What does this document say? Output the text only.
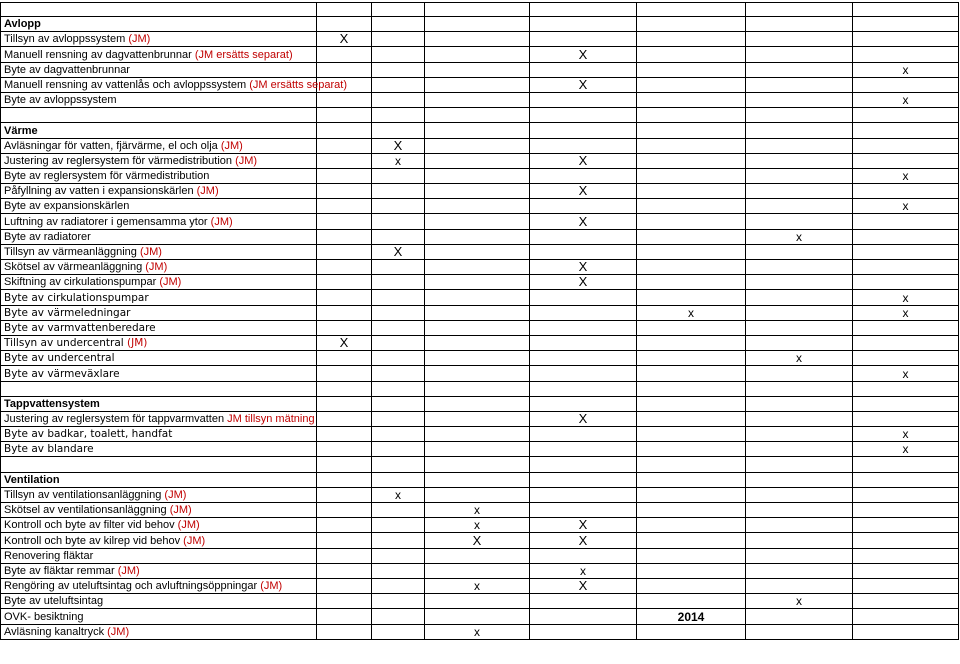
Avlopp							
Tillsyn av avloppssystem (JM)	X						
Manuell rensning av dagvattenbrunnar (JM ersätts separat)				X			
Byte av dagvattenbrunnar							x
Manuell rensning av vattenlås och avloppssystem (JM ersätts separat)				X			
Byte av avloppssystem							x

Värme							
Avläsningar för vatten, fjärvärme, el och olja (JM)		X					
Justering av reglersystem för värmedistribution (JM)		x		X			
Byte av reglersystem för värmedistribution							x
Påfyllning av vatten i expansionskärlen (JM)				X			
Byte av expansionskärlen							x
Luftning av radiatorer i gemensamma ytor (JM)				X			
Byte av radiatorer						x	
Tillsyn av värmeanläggning (JM)		X					
Skötsel av värmeanläggning (JM)				X			
Skiftning av cirkulationspumpar (JM)				X			
Byte av cirkulationspumpar							x
Byte av värmeledningar					x		x
Byte av varmvattenberedare							
Tillsyn av undercentral (JM)	X						
Byte av undercentral						x	
Byte av värmeväxlare							x

Tappvattensystem							
Justering av reglersystem för tappvarmvatten JM tillsyn mätning				X			
Byte av badkar, toalett, handfat							x
Byte av blandare							x

Ventilation							
Tillsyn av ventilationsanläggning (JM)		x					
Skötsel av ventilationsanläggning (JM)			x				
Kontroll och byte av filter vid behov (JM)			x	X			
Kontroll och byte av kilrep vid behov (JM)			X	X			
Renovering fläktar							
Byte av fläktar remmar (JM)				x			
Rengöring av uteluftsintag och avluftningsöppningar (JM)			x	X			
Byte av uteluftsintag						x	
OVK- besiktning					2014		
Avläsning kanaltryck (JM)			x				
